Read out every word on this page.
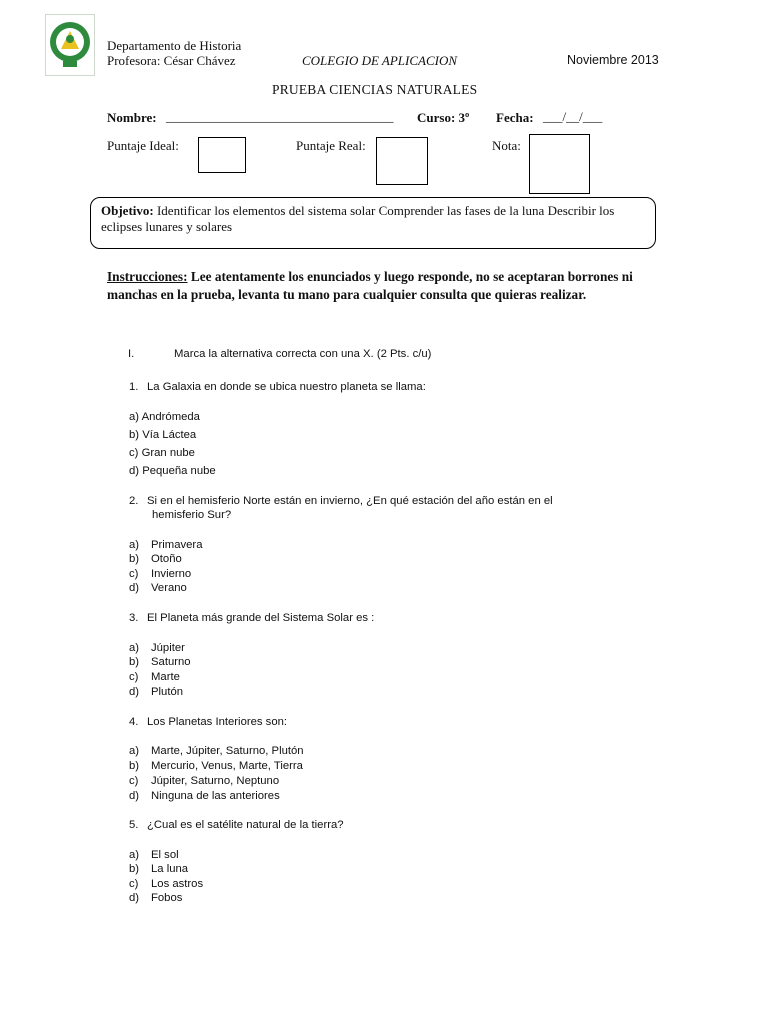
Departamento de Historia
Profesora: César Chávez	COLEGIO DE APLICACION	Noviembre 2013
PRUEBA CIENCIAS NATURALES
Nombre: ___________________________________ Curso: 3º Fecha: ___/__/___
Puntaje Ideal:	Puntaje Real:	Nota:
Objetivo: Identificar los elementos del sistema solar Comprender las fases de la luna Describir los eclipses lunares y solares
Instrucciones: Lee atentamente los enunciados y luego responde, no se aceptaran borrones ni manchas en la prueba, levanta tu mano para cualquier consulta que quieras realizar.
I.	Marca la alternativa correcta con una X. (2 Pts. c/u)
1. La Galaxia en donde se ubica nuestro planeta se llama:
a) Andrómeda
b) Vía Láctea
c) Gran nube
d) Pequeña nube
2. Si en el hemisferio Norte están en invierno, ¿En qué estación del año están en el
hemisferio Sur?
a) Primavera
b) Otoño
c) Invierno
d) Verano
3. El Planeta más grande del Sistema Solar es :
a) Júpiter
b) Saturno
c) Marte
d) Plutón
4. Los Planetas Interiores son:
a) Marte, Júpiter, Saturno, Plutón
b) Mercurio, Venus, Marte, Tierra
c) Júpiter, Saturno, Neptuno
d) Ninguna de las anteriores
5. ¿Cual es el satélite natural de la tierra?
a) El sol
b) La luna
c) Los astros
d) Fobos
